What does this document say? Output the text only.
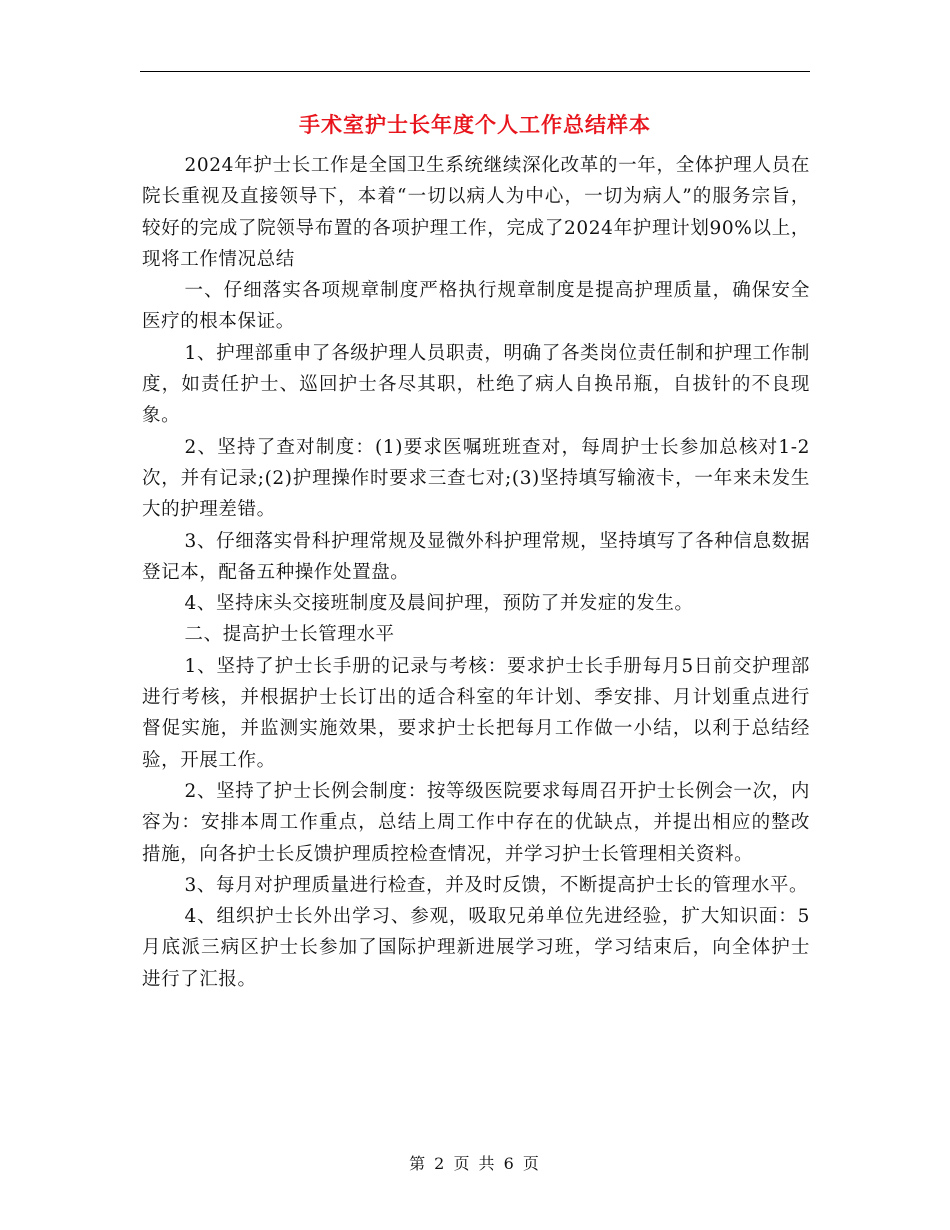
手术室护士长年度个人工作总结样本

2024年护士长工作是全国卫生系统继续深化改革的一年，全体护理人员在院长重视及直接领导下，本着“一切以病人为中心，一切为病人”的服务宗旨，较好的完成了院领导布置的各项护理工作，完成了2024年护理计划90%以上，现将工作情况总结

一、仔细落实各项规章制度严格执行规章制度是提高护理质量，确保安全医疗的根本保证。

1、护理部重申了各级护理人员职责，明确了各类岗位责任制和护理工作制度，如责任护士、巡回护士各尽其职，杜绝了病人自换吊瓶，自拔针的不良现象。

2、坚持了查对制度：(1)要求医嘱班班查对，每周护士长参加总核对1-2次，并有记录;(2)护理操作时要求三查七对;(3)坚持填写输液卡，一年来未发生大的护理差错。

3、仔细落实骨科护理常规及显微外科护理常规，坚持填写了各种信息数据登记本，配备五种操作处置盘。

4、坚持床头交接班制度及晨间护理，预防了并发症的发生。

二、提高护士长管理水平

1、坚持了护士长手册的记录与考核：要求护士长手册每月5日前交护理部进行考核，并根据护士长订出的适合科室的年计划、季安排、月计划重点进行督促实施，并监测实施效果，要求护士长把每月工作做一小结，以利于总结经验，开展工作。

2、坚持了护士长例会制度：按等级医院要求每周召开护士长例会一次，内容为：安排本周工作重点，总结上周工作中存在的优缺点，并提出相应的整改措施，向各护士长反馈护理质控检查情况，并学习护士长管理相关资料。

3、每月对护理质量进行检查，并及时反馈，不断提高护士长的管理水平。

4、组织护士长外出学习、参观，吸取兄弟单位先进经验，扩大知识面：5月底派三病区护士长参加了国际护理新进展学习班，学习结束后，向全体护士进行了汇报。

第 2 页 共 6 页
